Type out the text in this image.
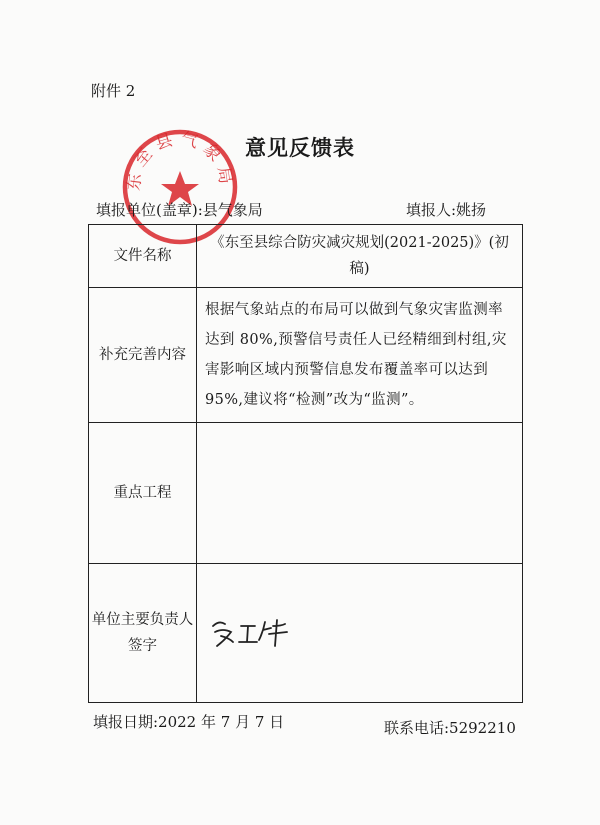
附件 2
意见反馈表
东至县气象局
填报单位(盖章):县气象局	填报人:姚扬
文件名称	《东至县综合防灾减灾规划(2021-2025)》(初稿)

补充完善内容	根据气象站点的布局可以做到气象灾害监测率达到 80%,预警信号责任人已经精细到村组,灾害影响区域内预警信息发布覆盖率可以达到 95%,建议将“检测”改为“监测”。

重点工程	
单位主要负责人签字	
填报日期:2022 年 7 月 7 日	联系电话:5292210
